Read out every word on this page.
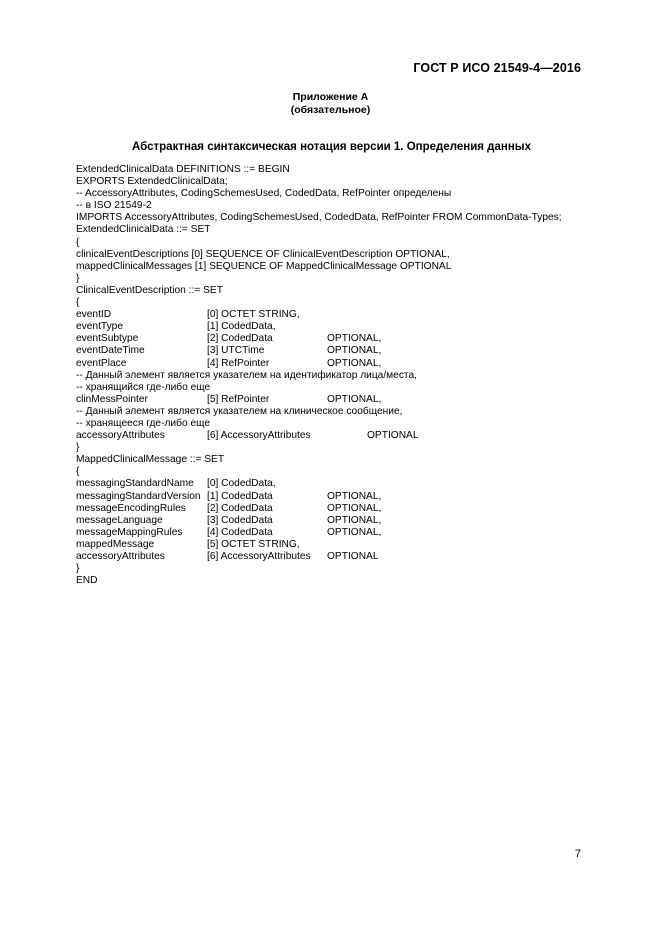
ГОСТ Р ИСО 21549-4—2016
Приложение А
(обязательное)
Абстрактная синтаксическая нотация версии 1. Определения данных
ExtendedClinicalData DEFINITIONS ::= BEGIN
EXPORTS ExtendedClinicalData;
-- AccessoryAttributes, CodingSchemesUsed, CodedData, RefPointer определены
-- в ISO 21549-2
IMPORTS AccessoryAttributes, CodingSchemesUsed, CodedData, RefPointer FROM CommonData-Types;
ExtendedClinicalData ::= SET
{
clinicalEventDescriptions [0] SEQUENCE OF ClinicalEventDescription OPTIONAL,
mappedClinicalMessages [1] SEQUENCE OF MappedClinicalMessage OPTIONAL
}
ClinicalEventDescription ::= SET
{
eventID	[0] OCTET STRING,
eventType	[1] CodedData,
eventSubtype	[2] CodedData	OPTIONAL,
eventDateTime	[3] UTCTime	OPTIONAL,
eventPlace	[4] RefPointer	OPTIONAL,
-- Данный элемент является указателем на идентификатор лица/места,
-- хранящийся где-либо еще
clinMessPointer	[5] RefPointer	OPTIONAL,
-- Данный элемент является указателем на клиническое сообщение,
-- хранящееся где-либо еще
accessoryAttributes	[6] AccessoryAttributes	OPTIONAL
}
MappedClinicalMessage ::= SET
{
messagingStandardName [0] CodedData,
messagingStandardVersion [1] CodedData	OPTIONAL,
messageEncodingRules [2] CodedData	OPTIONAL,
messageLanguage	[3] CodedData	OPTIONAL,
messageMappingRules [4] CodedData	OPTIONAL,
mappedMessage	[5] OCTET STRING,
accessoryAttributes	[6] AccessoryAttributes OPTIONAL
}
END
7
